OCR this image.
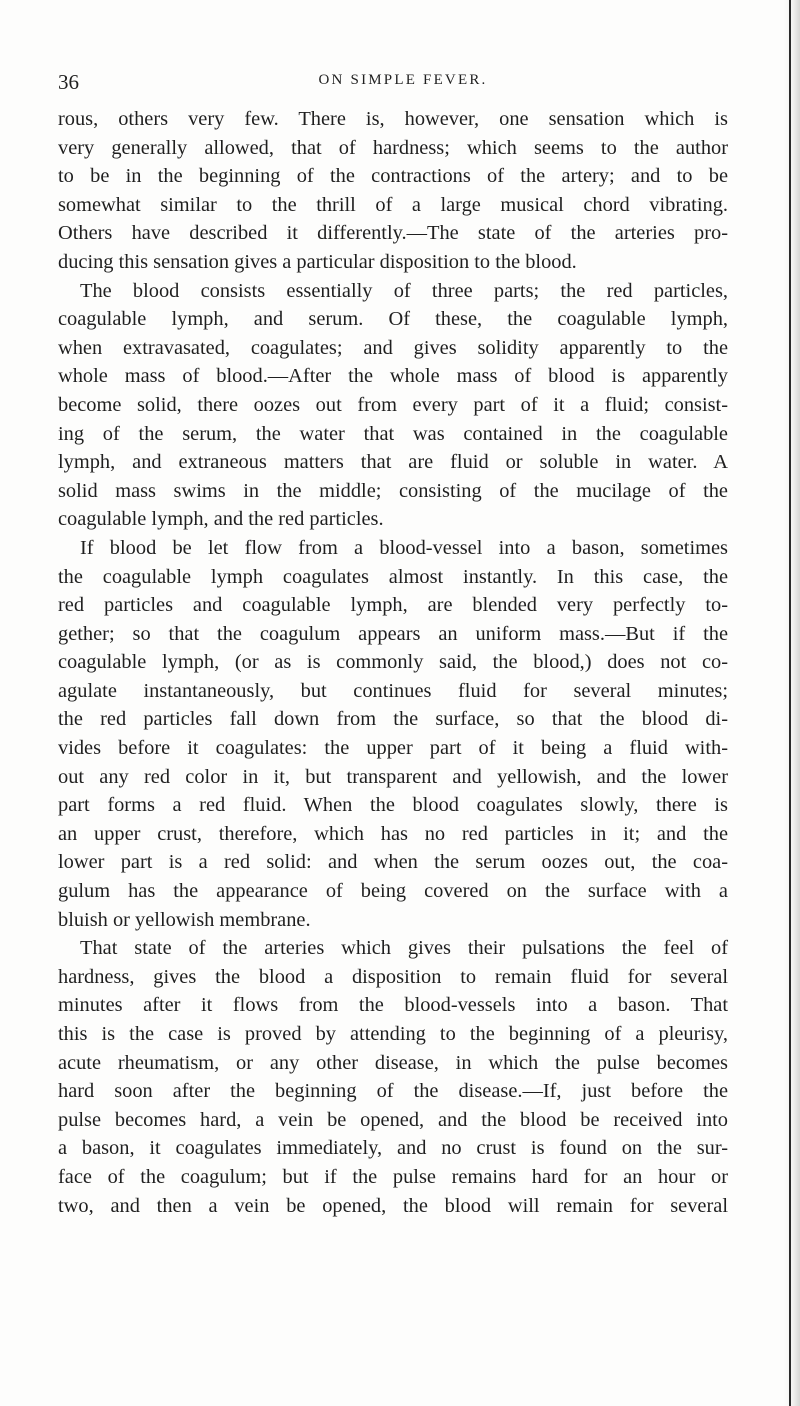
36	ON SIMPLE FEVER.
rous, others very few. There is, however, one sensation which is
very generally allowed, that of hardness; which seems to the author
to be in the beginning of the contractions of the artery; and to be
somewhat similar to the thrill of a large musical chord vibrating.
Others have described it differently.—The state of the arteries pro-
ducing this sensation gives a particular disposition to the blood.
The blood consists essentially of three parts; the red particles,
coagulable lymph, and serum. Of these, the coagulable lymph,
when extravasated, coagulates; and gives solidity apparently to the
whole mass of blood.—After the whole mass of blood is apparently
become solid, there oozes out from every part of it a fluid; consist-
ing of the serum, the water that was contained in the coagulable
lymph, and extraneous matters that are fluid or soluble in water. A
solid mass swims in the middle; consisting of the mucilage of the
coagulable lymph, and the red particles.
If blood be let flow from a blood-vessel into a bason, sometimes
the coagulable lymph coagulates almost instantly. In this case, the
red particles and coagulable lymph, are blended very perfectly to-
gether; so that the coagulum appears an uniform mass.—But if the
coagulable lymph, (or as is commonly said, the blood,) does not co-
agulate instantaneously, but continues fluid for several minutes;
the red particles fall down from the surface, so that the blood di-
vides before it coagulates: the upper part of it being a fluid with-
out any red color in it, but transparent and yellowish, and the lower
part forms a red fluid. When the blood coagulates slowly, there is
an upper crust, therefore, which has no red particles in it; and the
lower part is a red solid: and when the serum oozes out, the coa-
gulum has the appearance of being covered on the surface with a
bluish or yellowish membrane.
That state of the arteries which gives their pulsations the feel of
hardness, gives the blood a disposition to remain fluid for several
minutes after it flows from the blood-vessels into a bason. That
this is the case is proved by attending to the beginning of a pleurisy,
acute rheumatism, or any other disease, in which the pulse becomes
hard soon after the beginning of the disease.—If, just before the
pulse becomes hard, a vein be opened, and the blood be received into
a bason, it coagulates immediately, and no crust is found on the sur-
face of the coagulum; but if the pulse remains hard for an hour or
two, and then a vein be opened, the blood will remain for several
